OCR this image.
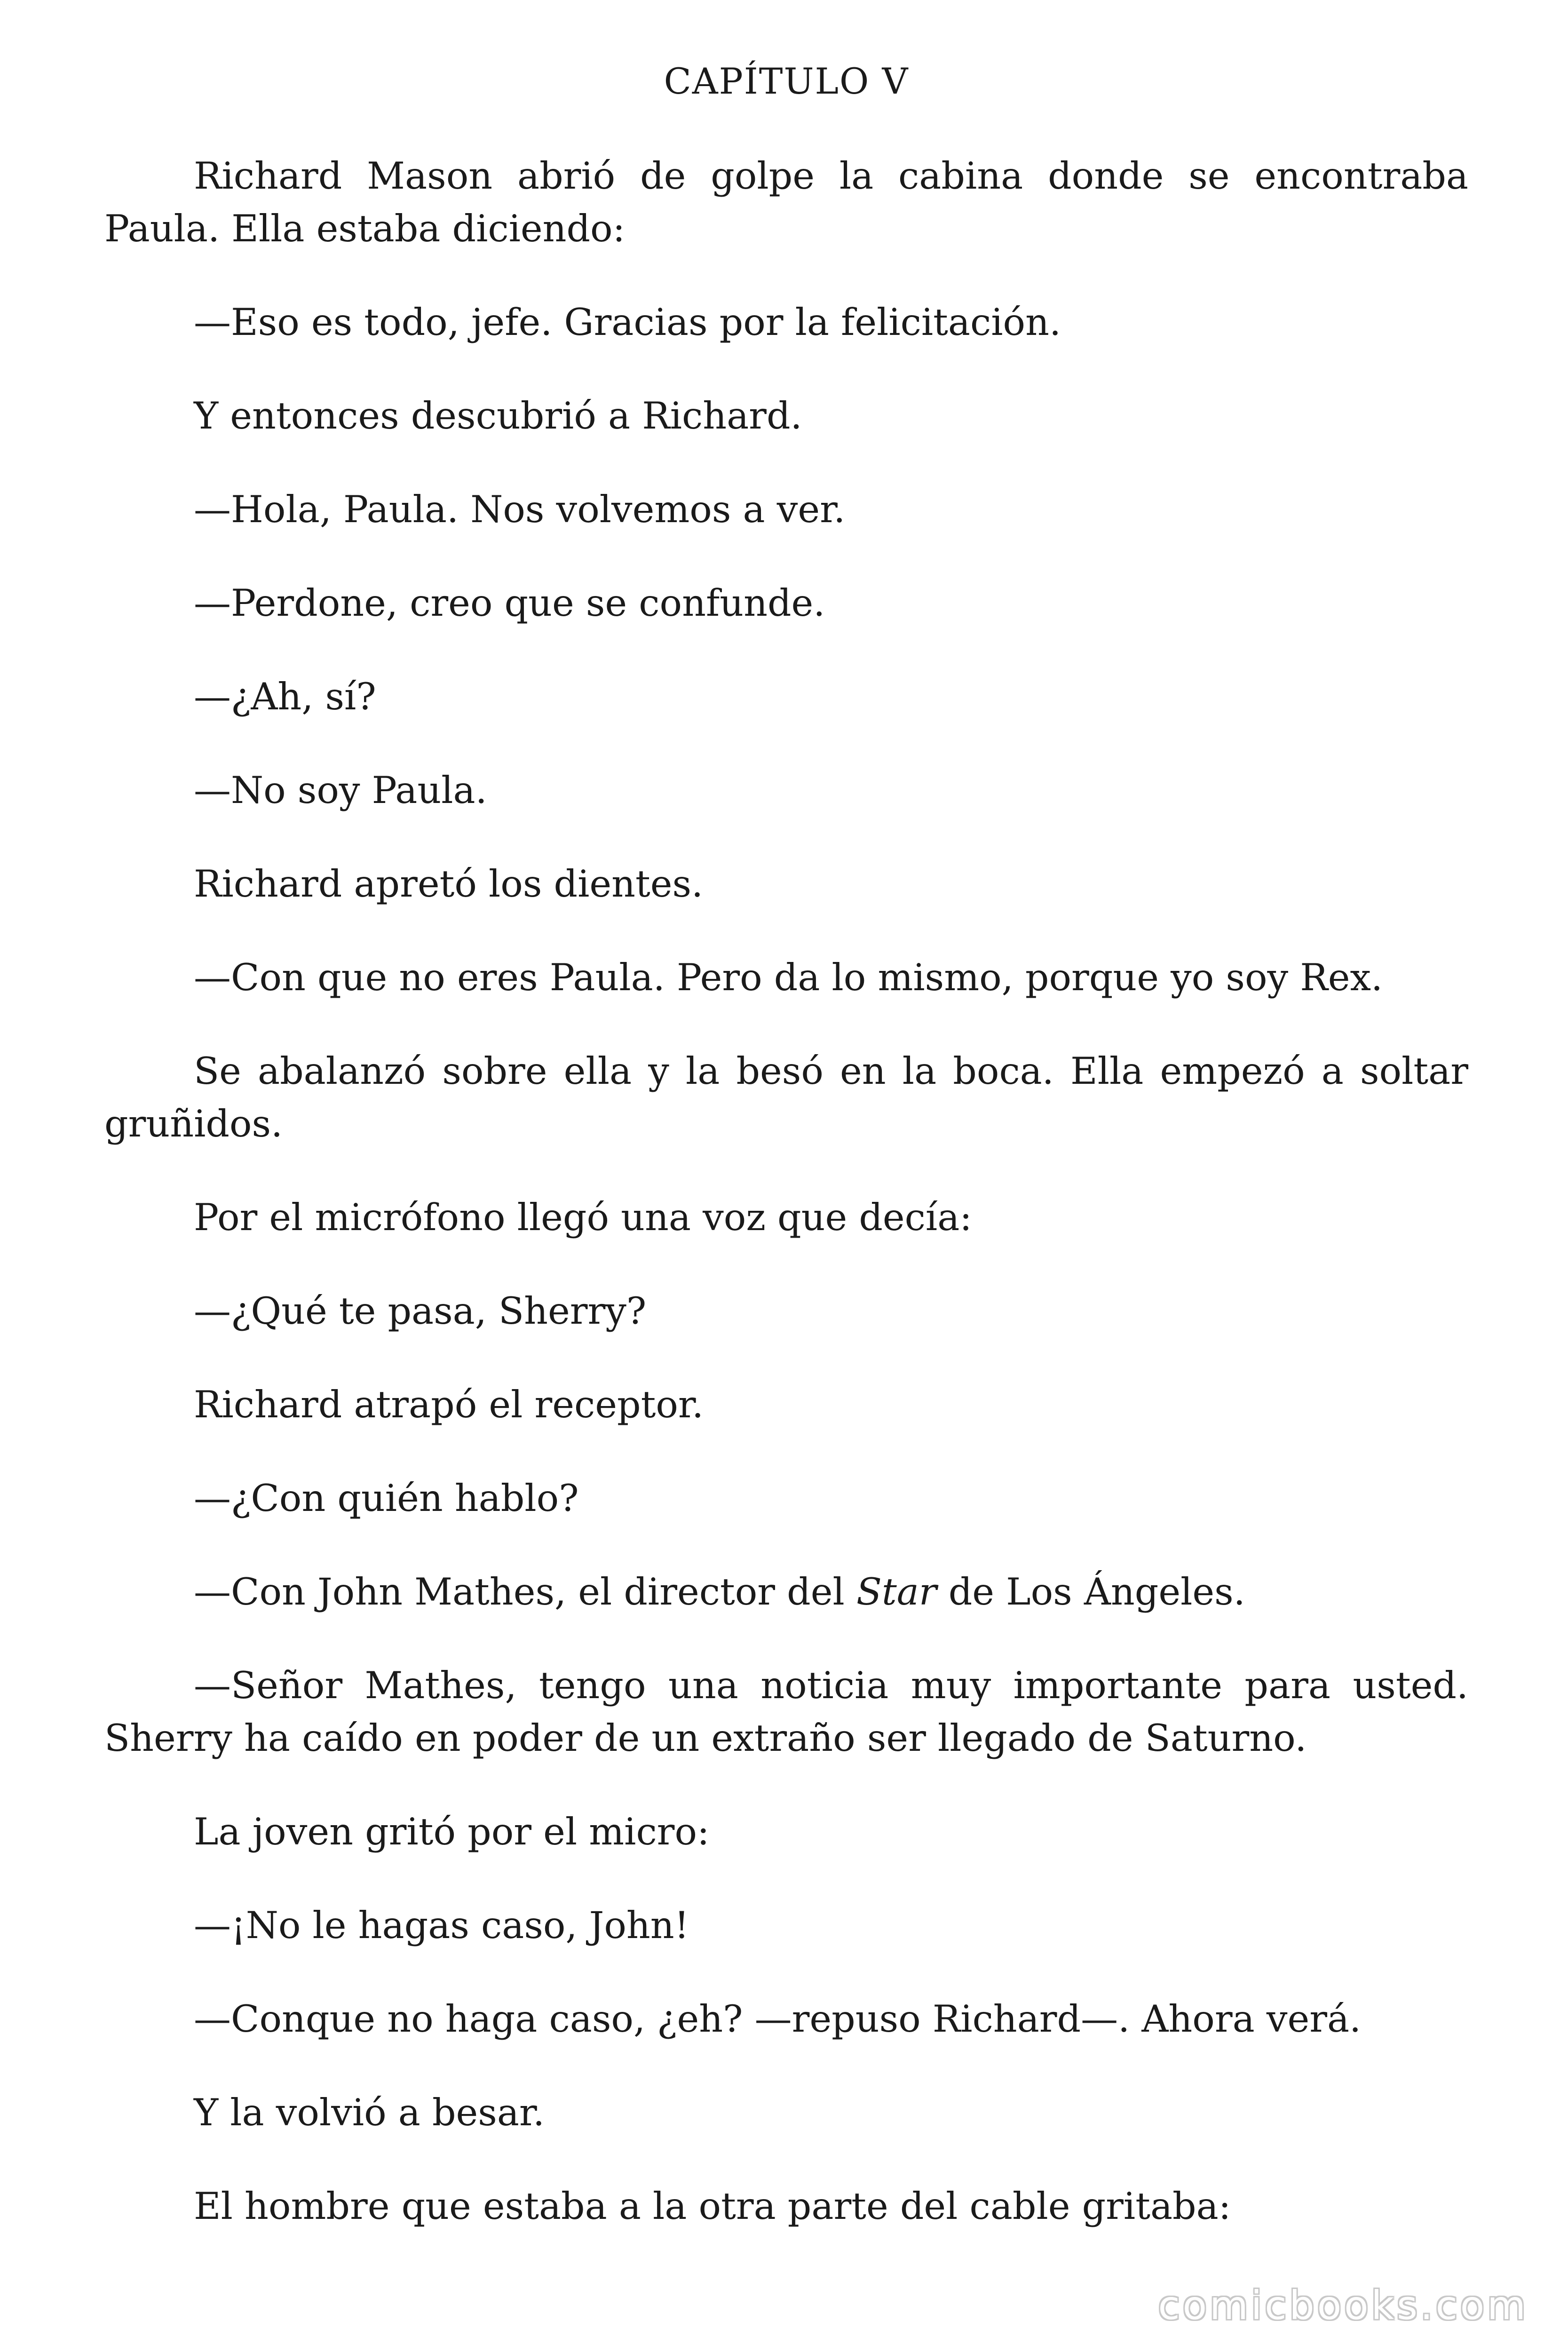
CAPÍTULO V

Richard Mason abrió de golpe la cabina donde se encontraba Paula. Ella estaba diciendo:

—Eso es todo, jefe. Gracias por la felicitación.

Y entonces descubrió a Richard.

—Hola, Paula. Nos volvemos a ver.

—Perdone, creo que se confunde.

—¿Ah, sí?

—No soy Paula.

Richard apretó los dientes.

—Con que no eres Paula. Pero da lo mismo, porque yo soy Rex.

Se abalanzó sobre ella y la besó en la boca. Ella empezó a soltar gruñidos.

Por el micrófono llegó una voz que decía:

—¿Qué te pasa, Sherry?

Richard atrapó el receptor.

—¿Con quién hablo?

—Con John Mathes, el director del Star de Los Ángeles.

—Señor Mathes, tengo una noticia muy importante para usted. Sherry ha caído en poder de un extraño ser llegado de Saturno.

La joven gritó por el micro:

—¡No le hagas caso, John!

—Conque no haga caso, ¿eh? —repuso Richard—. Ahora verá.

Y la volvió a besar.

El hombre que estaba a la otra parte del cable gritaba:

comicbooks.com
